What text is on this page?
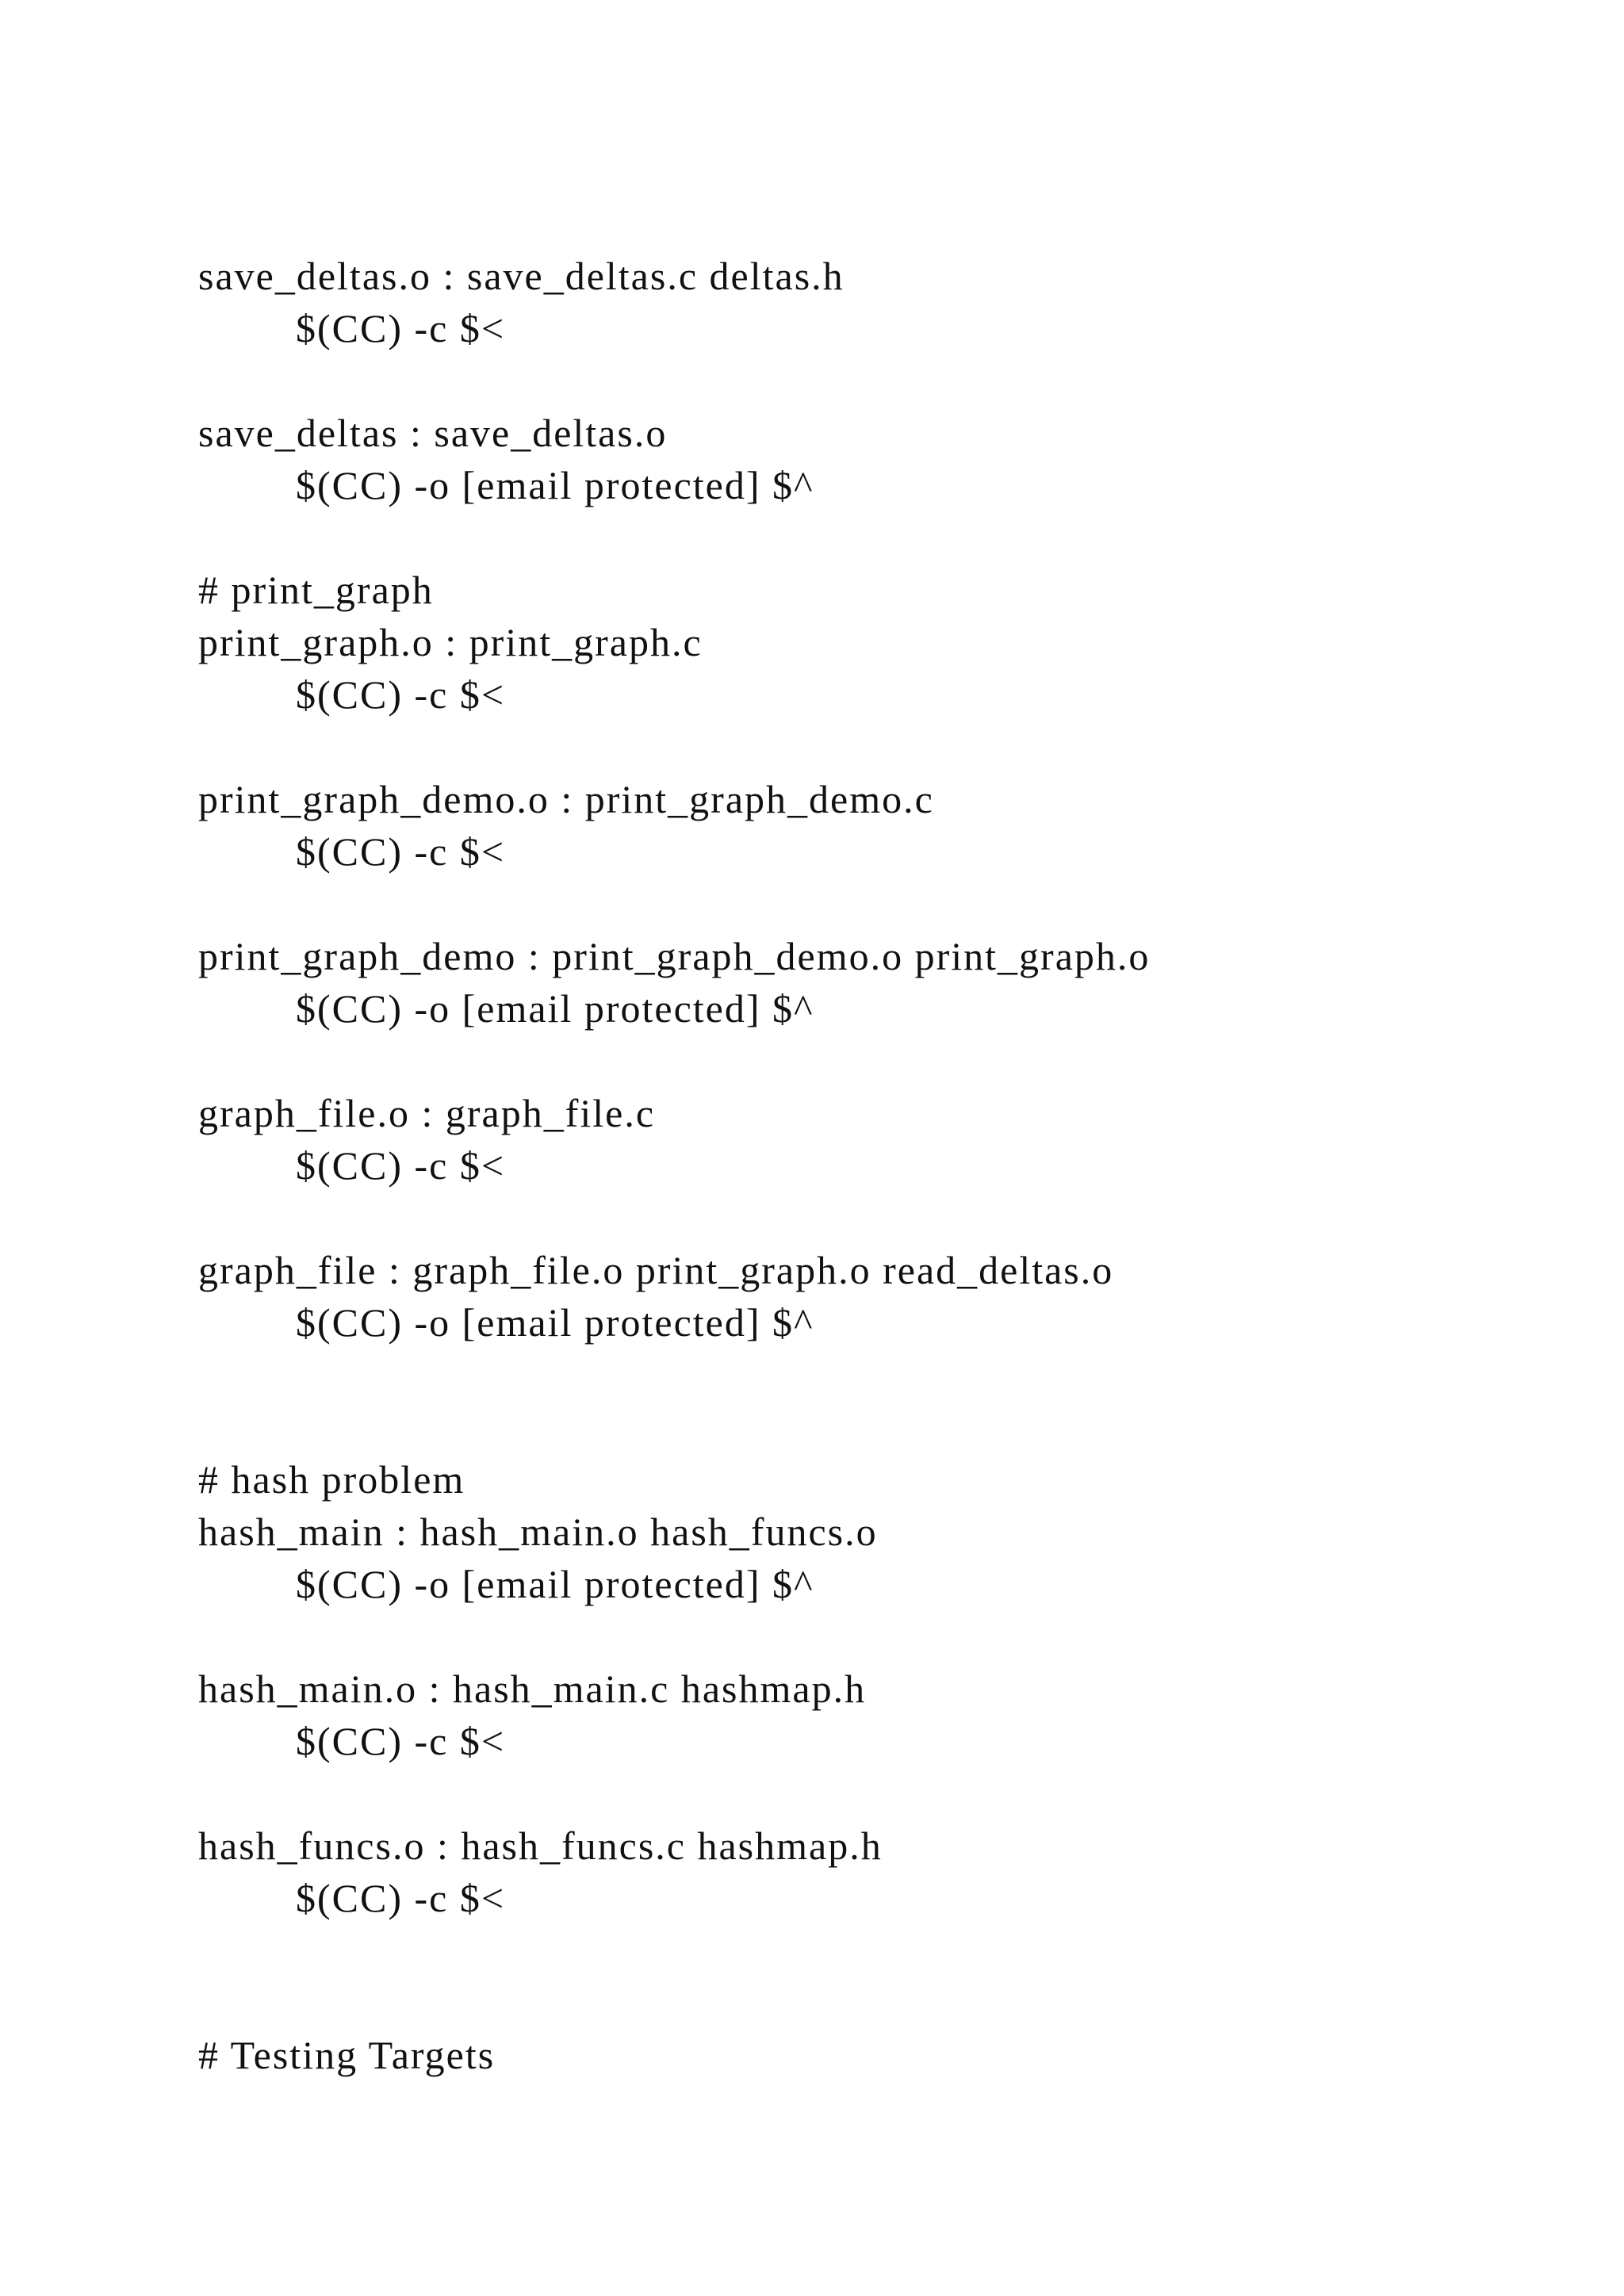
save_deltas.o : save_deltas.c deltas.h
$(CC) -c $<
save_deltas : save_deltas.o
$(CC) -o [email protected] $^
# print_graph
print_graph.o : print_graph.c
$(CC) -c $<
print_graph_demo.o : print_graph_demo.c
$(CC) -c $<
print_graph_demo : print_graph_demo.o print_graph.o
$(CC) -o [email protected] $^
graph_file.o : graph_file.c
$(CC) -c $<
graph_file : graph_file.o print_graph.o read_deltas.o
$(CC) -o [email protected] $^
# hash problem
hash_main : hash_main.o hash_funcs.o
$(CC) -o [email protected] $^
hash_main.o : hash_main.c hashmap.h
$(CC) -c $<
hash_funcs.o : hash_funcs.c hashmap.h
$(CC) -c $<
# Testing Targets
